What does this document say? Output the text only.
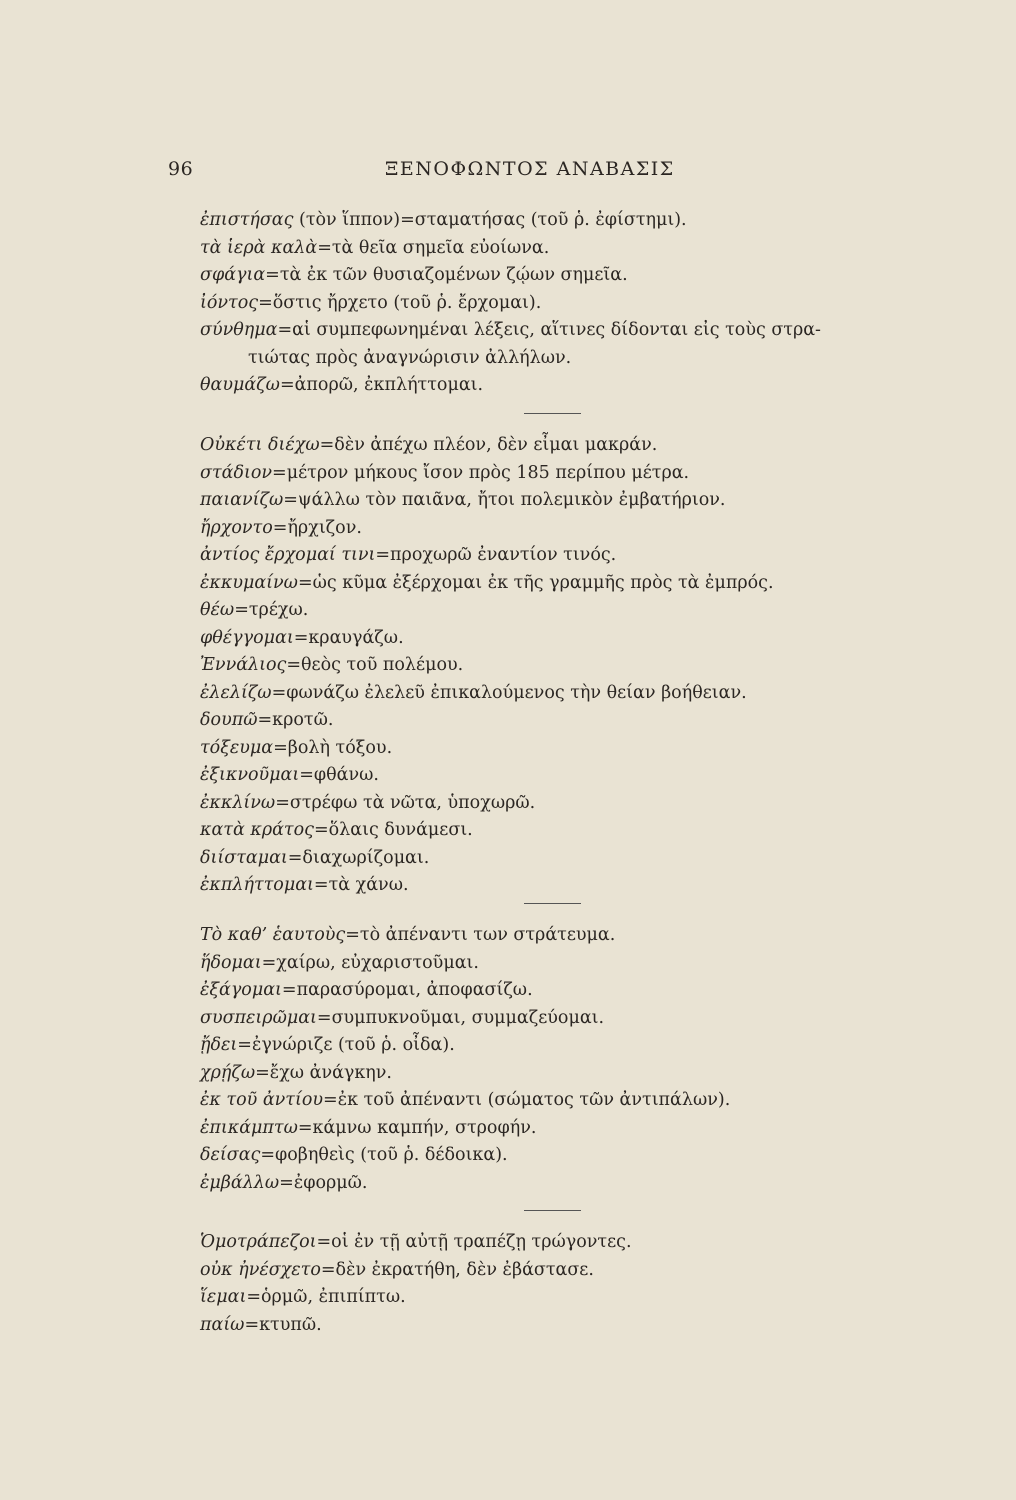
96	ΞΕΝΟΦΩΝΤΟΣ ΑΝΑΒΑΣΙΣ
ἐπιστήσας (τὸν ἵππον)=σταματήσας (τοῦ ῥ. ἐφίστημι).
τὰ ἱερὰ καλὰ=τὰ θεῖα σημεῖα εὐοίωνα.
σφάγια=τὰ ἐκ τῶν θυσιαζομένων ζῴων σημεῖα.
ἰόντος=ὅστις ἤρχετο (τοῦ ῥ. ἔρχομαι).
σύνθημα=αἱ συμπεφωνημέναι λέξεις, αἵτινες δίδονται εἰς τοὺς στρα-
τιώτας πρὸς ἀναγνώρισιν ἀλλήλων.
θαυμάζω=ἀπορῶ, ἐκπλήττομαι.
Οὐκέτι διέχω=δὲν ἀπέχω πλέον, δὲν εἶμαι μακράν.
στάδιον=μέτρον μήκους ἴσον πρὸς 185 περίπου μέτρα.
παιανίζω=ψάλλω τὸν παιᾶνα, ἤτοι πολεμικὸν ἐμβατήριον.
ἤρχοντο=ἤρχιζον.
ἀντίος ἔρχομαί τινι=προχωρῶ ἐναντίον τινός.
ἐκκυμαίνω=ὡς κῦμα ἐξέρχομαι ἐκ τῆς γραμμῆς πρὸς τὰ ἐμπρός.
θέω=τρέχω.
φθέγγομαι=κραυγάζω.
Ἐννάλιος=θεὸς τοῦ πολέμου.
ἐλελίζω=φωνάζω ἐλελεῦ ἐπικαλούμενος τὴν θείαν βοήθειαν.
δουπῶ=κροτῶ.
τόξευμα=βολὴ τόξου.
ἐξικνοῦμαι=φθάνω.
ἐκκλίνω=στρέφω τὰ νῶτα, ὑποχωρῶ.
κατὰ κράτος=ὅλαις δυνάμεσι.
διίσταμαι=διαχωρίζομαι.
ἐκπλήττομαι=τὰ χάνω.
Τὸ καθ’ ἑαυτοὺς=τὸ ἀπέναντι των στράτευμα.
ἥδομαι=χαίρω, εὐχαριστοῦμαι.
ἐξάγομαι=παρασύρομαι, ἀποφασίζω.
συσπειρῶμαι=συμπυκνοῦμαι, συμμαζεύομαι.
ᾔδει=ἐγνώριζε (τοῦ ῥ. οἶδα).
χρῄζω=ἔχω ἀνάγκην.
ἐκ τοῦ ἀντίου=ἐκ τοῦ ἀπέναντι (σώματος τῶν ἀντιπάλων).
ἐπικάμπτω=κάμνω καμπήν, στροφήν.
δείσας=φοβηθεὶς (τοῦ ῥ. δέδοικα).
ἐμβάλλω=ἐφορμῶ.
Ὁμοτράπεζοι=οἱ ἐν τῇ αὐτῇ τραπέζῃ τρώγοντες.
οὐκ ἠνέσχετο=δὲν ἐκρατήθη, δὲν ἐβάστασε.
ἵεμαι=ὁρμῶ, ἐπιπίπτω.
παίω=κτυπῶ.
